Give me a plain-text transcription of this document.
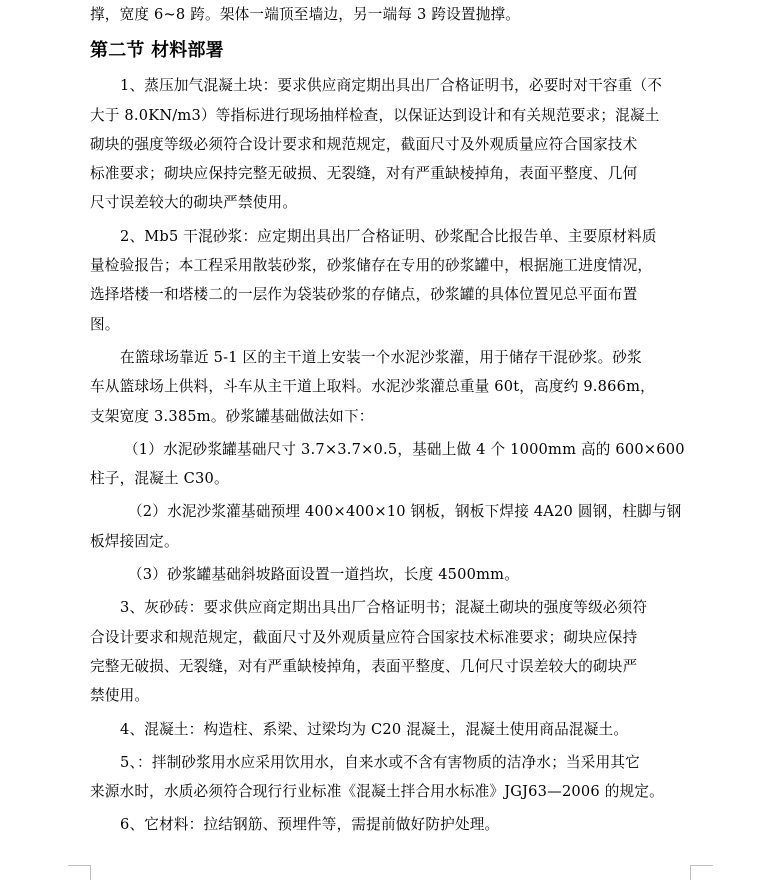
撑，宽度 6~8 跨。架体一端顶至墙边，另一端每 3 跨设置抛撑。
第二节 材料部署
1、蒸压加气混凝土块：要求供应商定期出具出厂合格证明书，必要时对干容重（不
大于 8.0KN/m3）等指标进行现场抽样检查，以保证达到设计和有关规范要求；混凝土
砌块的强度等级必须符合设计要求和规范规定，截面尺寸及外观质量应符合国家技术
标准要求；砌块应保持完整无破损、无裂缝，对有严重缺棱掉角，表面平整度、几何
尺寸误差较大的砌块严禁使用。
2、Mb5 干混砂浆：应定期出具出厂合格证明、砂浆配合比报告单、主要原材料质
量检验报告；本工程采用散装砂浆，砂浆储存在专用的砂浆罐中，根据施工进度情况，
选择塔楼一和塔楼二的一层作为袋装砂浆的存储点，砂浆罐的具体位置见总平面布置
图。
在篮球场靠近 5-1 区的主干道上安装一个水泥沙浆灌，用于储存干混砂浆。砂浆
车从篮球场上供料，斗车从主干道上取料。水泥沙浆灌总重量 60t，高度约 9.866m，
支架宽度 3.385m。砂浆罐基础做法如下：
（1）水泥砂浆罐基础尺寸 3.7×3.7×0.5，基础上做 4 个 1000mm 高的 600×600
柱子，混凝土 C30。
（2）水泥沙浆灌基础预埋 400×400×10 钢板，钢板下焊接 4A20 圆钢，柱脚与钢
板焊接固定。
（3）砂浆罐基础斜坡路面设置一道挡坎，长度 4500mm。
3、灰砂砖：要求供应商定期出具出厂合格证明书；混凝土砌块的强度等级必须符
合设计要求和规范规定，截面尺寸及外观质量应符合国家技术标准要求；砌块应保持
完整无破损、无裂缝，对有严重缺棱掉角，表面平整度、几何尺寸误差较大的砌块严
禁使用。
4、混凝土：构造柱、系梁、过梁均为 C20 混凝土，混凝土使用商品混凝土。
5、：拌制砂浆用水应采用饮用水，自来水或不含有害物质的洁净水；当采用其它
来源水时，水质必须符合现行行业标准《混凝土拌合用水标准》JGJ63—2006 的规定。
6、它材料：拉结钢筋、预埋件等，需提前做好防护处理。
